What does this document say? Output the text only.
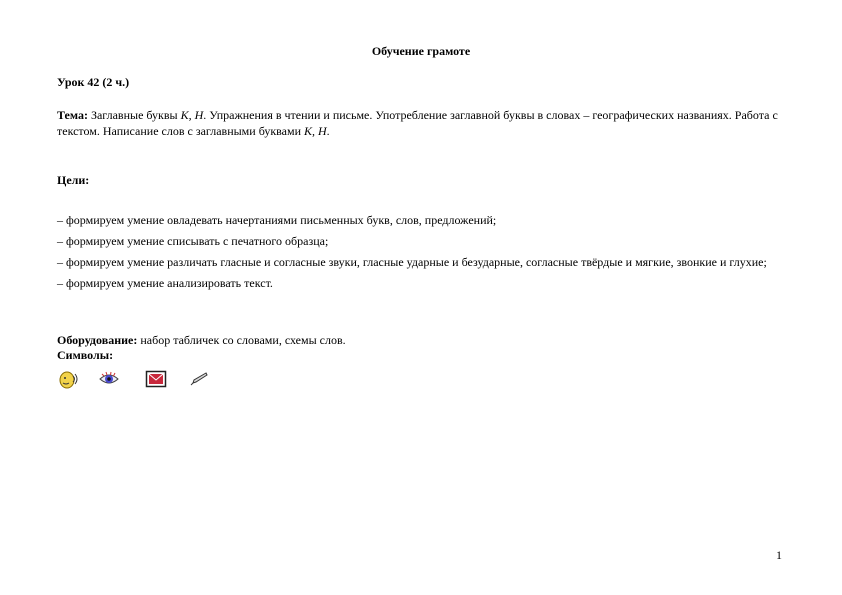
Обучение грамоте
Урок 42 (2 ч.)
Тема: Заглавные буквы К, Н. Упражнения в чтении и письме. Употребление заглавной буквы в словах – географических названиях. Работа с текстом. Написание слов с заглавными буквами К, Н.
Цели:
– формируем умение овладевать начертаниями письменных букв, слов, предложений;
– формируем умение списывать с печатного образца;
– формируем умение различать гласные и согласные звуки, гласные ударные и безударные, согласные твёрдые и мягкие, звонкие и глухие;
– формируем умение анализировать текст.
Оборудование: набор табличек со словами, схемы слов.
Символы:
1
